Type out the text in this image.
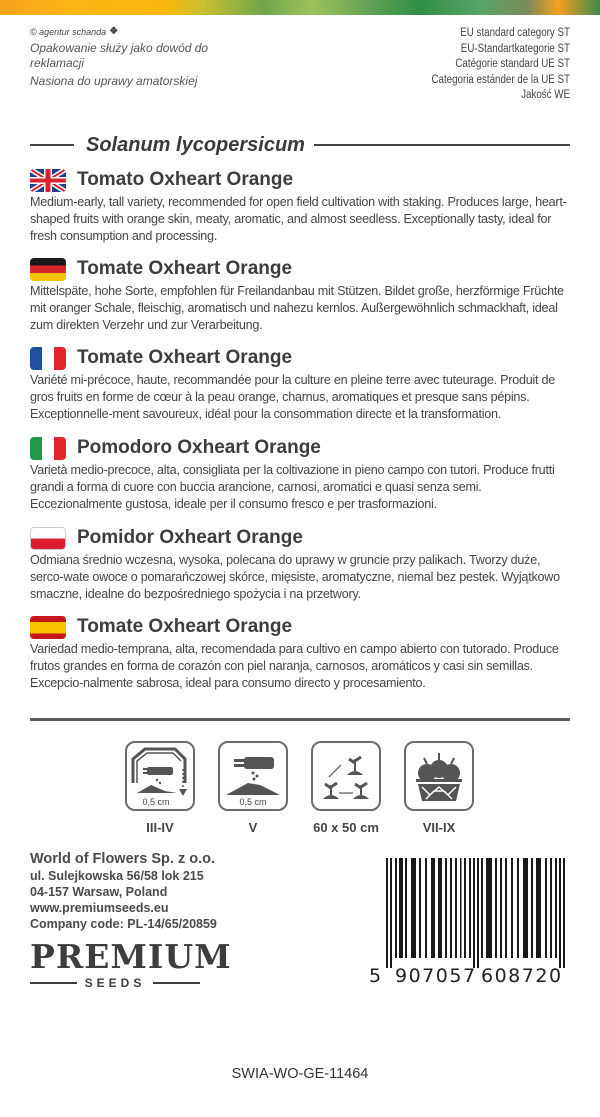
© agentur schanda ❖
Opakowanie służy jako dowód do reklamacji
Nasiona do uprawy amatorskiej
EU standard category ST
EU-Standartkategorie ST
Catégorie standard UE ST
Categoria estánder de la UE ST
Jakość WE
Solanum lycopersicum
Tomato Oxheart Orange
Medium-early, tall variety, recommended for open field cultivation with staking. Produces large, heart-shaped fruits with orange skin, meaty, aromatic, and almost seedless. Exceptionally tasty, ideal for fresh consumption and processing.
Tomate Oxheart Orange
Mittelspäte, hohe Sorte, empfohlen für Freilandanbau mit Stützen. Bildet große, herzförmige Früchte mit oranger Schale, fleischig, aromatisch und nahezu kernlos. Außergewöhnlich schmackhaft, ideal zum direkten Verzehr und zur Verarbeitung.
Tomate Oxheart Orange
Variété mi-précoce, haute, recommandée pour la culture en pleine terre avec tuteurage. Produit de gros fruits en forme de cœur à la peau orange, charnus, aromatiques et presque sans pépins. Exceptionnelle-ment savoureux, idéal pour la consommation directe et la transformation.
Pomodoro Oxheart Orange
Varietà medio-precoce, alta, consigliata per la coltivazione in pieno campo con tutori. Produce frutti grandi a forma di cuore con buccia arancione, carnosi, aromatici e quasi senza semi. Eccezionalmente gustosa, ideale per il consumo fresco e per trasformazioni.
Pomidor Oxheart Orange
Odmiana średnio wczesna, wysoka, polecana do uprawy w gruncie przy palikach. Tworzy duże, serco-wate owoce o pomarańczowej skórce, mięsiste, aromatyczne, niemal bez pestek. Wyjątkowo smaczne, idealne do bezpośredniego spożycia i na przetwory.
Tomate Oxheart Orange
Variedad medio-temprana, alta, recomendada para cultivo en campo abierto con tutorado. Produce frutos grandes en forma de corazón con piel naranja, carnosos, aromáticos y casi sin semillas. Excepcio-nalmente sabrosa, ideal para consumo directo y procesamiento.
0,5 cm
III-IV
0,5 cm
V	60 x 50 cm	VII-IX
World of Flowers Sp. z o.o.
ul. Sulejkowska 56/58 lok 215
04-157 Warsaw, Poland
www.premiumseeds.eu
Company code: PL-14/65/20859
PREMIUM
SEEDS	5 907057 608720
SWIA-WO-GE-11464
